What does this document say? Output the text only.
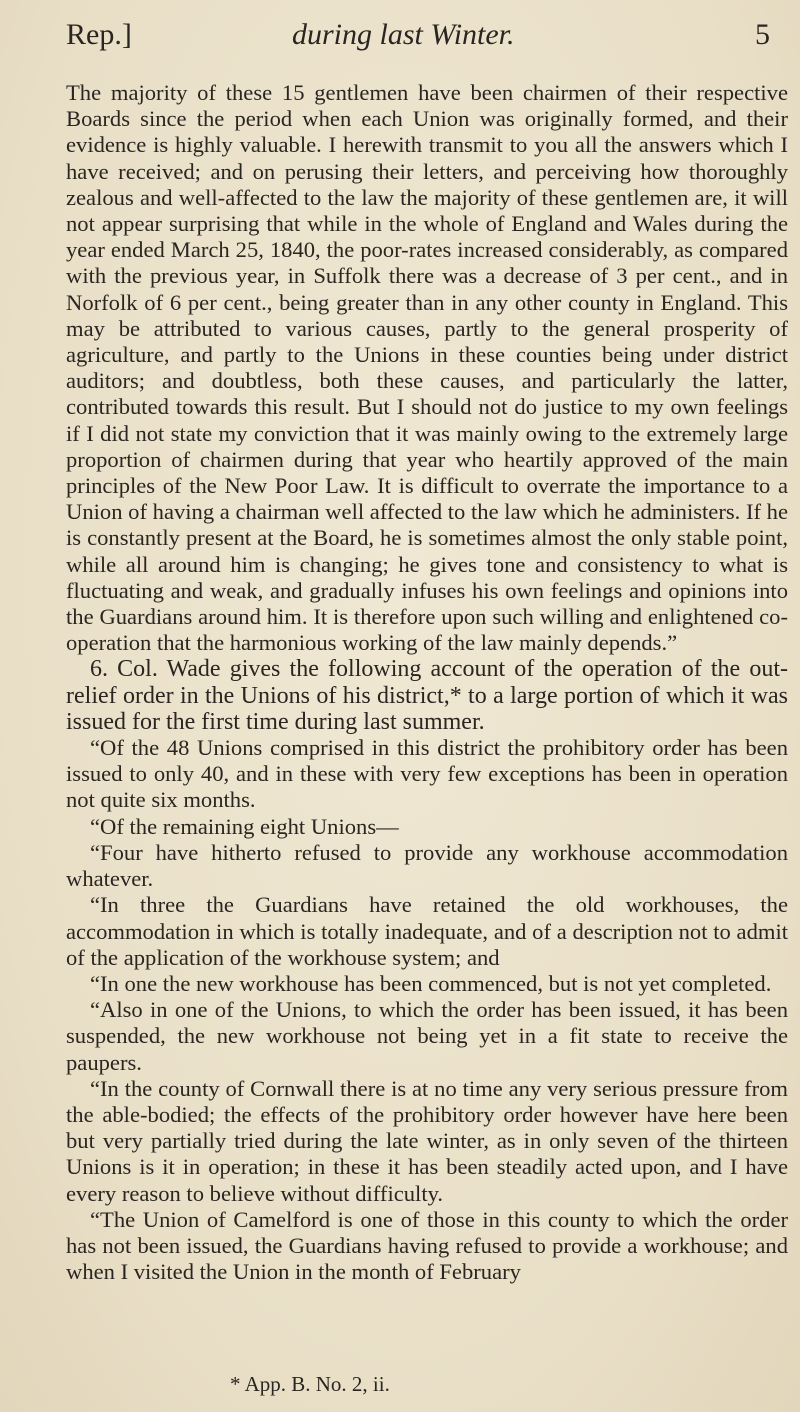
Rep.]	during last Winter.	5

The majority of these 15 gentlemen have been chairmen of their respective Boards since the period when each Union was originally formed, and their evidence is highly valuable. I herewith transmit to you all the answers which I have received; and on perusing their letters, and perceiving how thoroughly zealous and well-affected to the law the majority of these gentlemen are, it will not appear surprising that while in the whole of England and Wales during the year ended March 25, 1840, the poor-rates increased considerably, as compared with the previous year, in Suffolk there was a decrease of 3 per cent., and in Norfolk of 6 per cent., being greater than in any other county in England. This may be attributed to various causes, partly to the general prosperity of agriculture, and partly to the Unions in these counties being under district auditors; and doubtless, both these causes, and particularly the latter, contributed towards this result. But I should not do justice to my own feelings if I did not state my conviction that it was mainly owing to the extremely large proportion of chairmen during that year who heartily approved of the main principles of the New Poor Law. It is difficult to overrate the importance to a Union of having a chairman well affected to the law which he administers. If he is constantly present at the Board, he is sometimes almost the only stable point, while all around him is changing; he gives tone and consistency to what is fluctuating and weak, and gradually infuses his own feelings and opinions into the Guardians around him. It is therefore upon such willing and enlightened co-operation that the harmonious working of the law mainly depends.”

6. Col. Wade gives the following account of the operation of the out-relief order in the Unions of his district,* to a large portion of which it was issued for the first time during last summer.

“Of the 48 Unions comprised in this district the prohibitory order has been issued to only 40, and in these with very few exceptions has been in operation not quite six months.

“Of the remaining eight Unions—

“Four have hitherto refused to provide any workhouse accommodation whatever.

“In three the Guardians have retained the old workhouses, the accommodation in which is totally inadequate, and of a description not to admit of the application of the workhouse system; and

“In one the new workhouse has been commenced, but is not yet completed.

“Also in one of the Unions, to which the order has been issued, it has been suspended, the new workhouse not being yet in a fit state to receive the paupers.

“In the county of Cornwall there is at no time any very serious pressure from the able-bodied; the effects of the prohibitory order however have here been but very partially tried during the late winter, as in only seven of the thirteen Unions is it in operation; in these it has been steadily acted upon, and I have every reason to believe without difficulty.

“The Union of Camelford is one of those in this county to which the order has not been issued, the Guardians having refused to provide a workhouse; and when I visited the Union in the month of February

* App. B. No. 2, ii.
